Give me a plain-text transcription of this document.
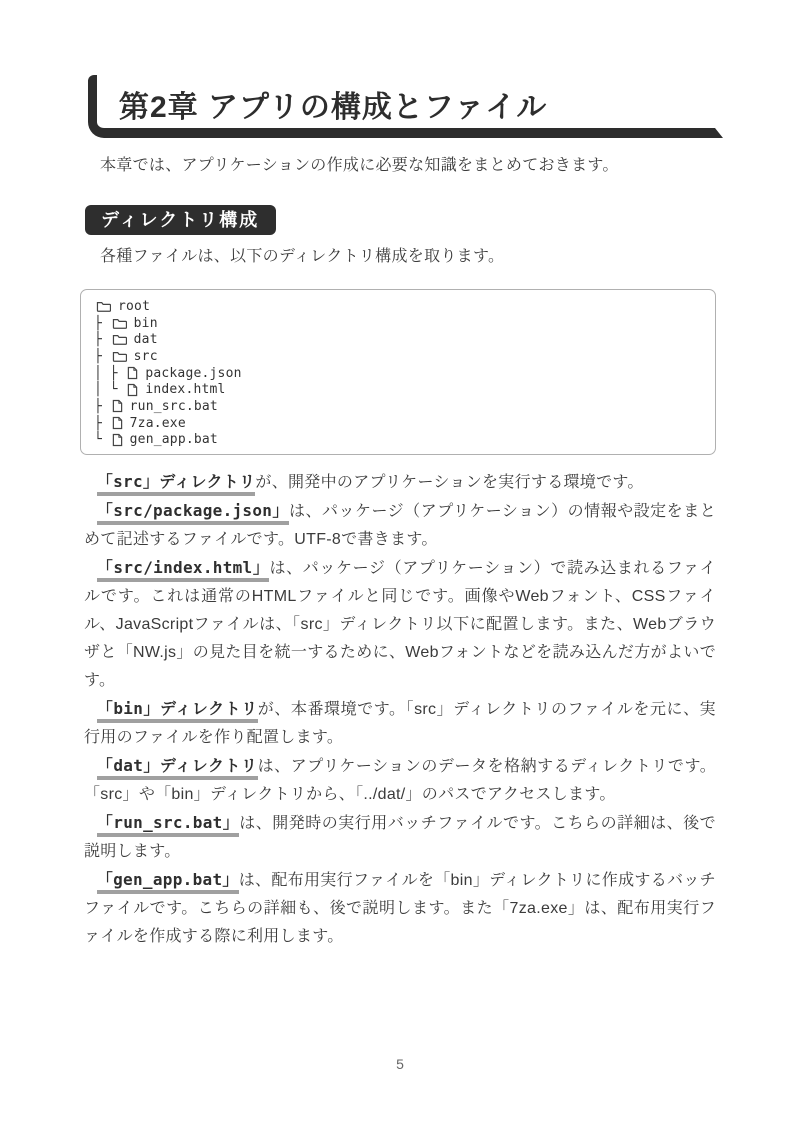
第2章 アプリの構成とファイル

本章では、アプリケーションの作成に必要な知識をまとめておきます。

ディレクトリ構成

各種ファイルは、以下のディレクトリ構成を取ります。

root
├ bin
├ dat
├ src
│ ├ package.json
│ └ index.html
├ run_src.bat
├ 7za.exe
└ gen_app.bat

「src」ディレクトリが、開発中のアプリケーションを実行する環境です。

「src/package.json」は、パッケージ（アプリケーション）の情報や設定をまとめて記述するファイルです。UTF-8で書きます。

「src/index.html」は、パッケージ（アプリケーション）で読み込まれるファイルです。これは通常のHTMLファイルと同じです。画像やWebフォント、CSSファイル、JavaScriptファイルは、「src」ディレクトリ以下に配置します。また、Webブラウザと「NW.js」の見た目を統一するために、Webフォントなどを読み込んだ方がよいです。

「bin」ディレクトリが、本番環境です。「src」ディレクトリのファイルを元に、実行用のファイルを作り配置します。

「dat」ディレクトリは、アプリケーションのデータを格納するディレクトリです。「src」や「bin」ディレクトリから、「../dat/」のパスでアクセスします。

「run_src.bat」は、開発時の実行用バッチファイルです。こちらの詳細は、後で説明します。

「gen_app.bat」は、配布用実行ファイルを「bin」ディレクトリに作成するバッチファイルです。こちらの詳細も、後で説明します。また「7za.exe」は、配布用実行ファイルを作成する際に利用します。

5
